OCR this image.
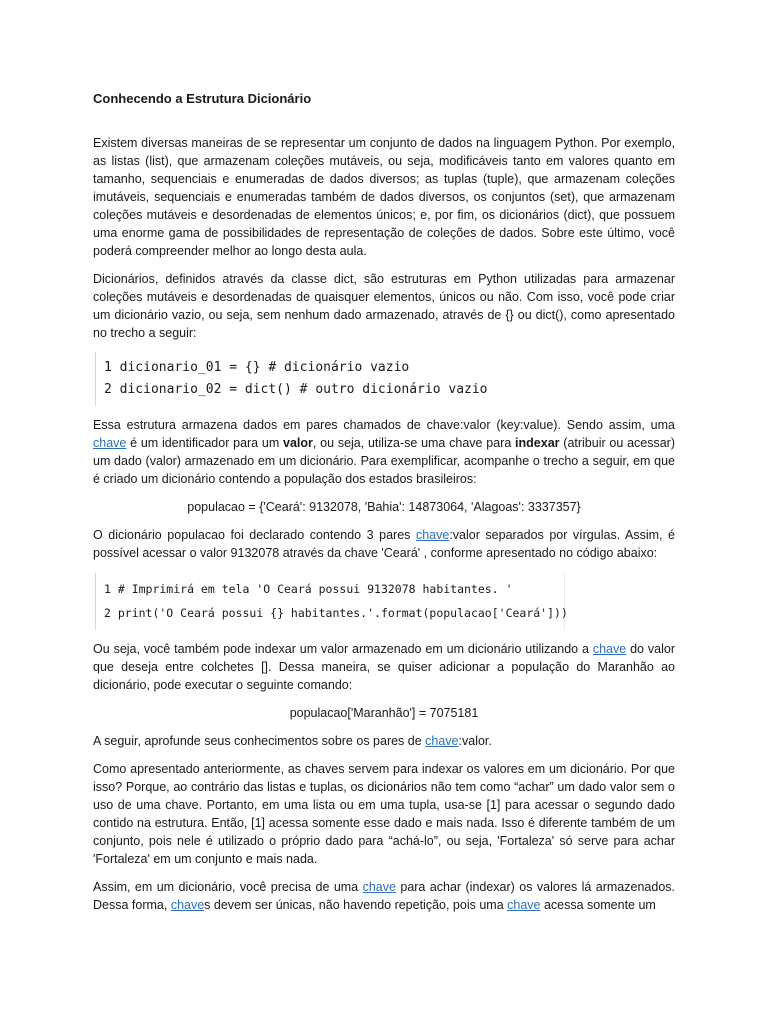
Conhecendo a Estrutura Dicionário

Existem diversas maneiras de se representar um conjunto de dados na linguagem Python. Por exemplo, as listas (list), que armazenam coleções mutáveis, ou seja, modificáveis tanto em valores quanto em tamanho, sequenciais e enumeradas de dados diversos; as tuplas (tuple), que armazenam coleções imutáveis, sequenciais e enumeradas também de dados diversos, os conjuntos (set), que armazenam coleções mutáveis e desordenadas de elementos únicos; e, por fim, os dicionários (dict), que possuem uma enorme gama de possibilidades de representação de coleções de dados. Sobre este último, você poderá compreender melhor ao longo desta aula.

Dicionários, definidos através da classe dict, são estruturas em Python utilizadas para armazenar coleções mutáveis e desordenadas de quaisquer elementos, únicos ou não. Com isso, você pode criar um dicionário vazio, ou seja, sem nenhum dado armazenado, através de {} ou dict(), como apresentado no trecho a seguir:

1 dicionario_01 = {} # dicionário vazio
2 dicionario_02 = dict() # outro dicionário vazio

Essa estrutura armazena dados em pares chamados de chave:valor (key:value). Sendo assim, uma chave é um identificador para um valor, ou seja, utiliza-se uma chave para indexar (atribuir ou acessar) um dado (valor) armazenado em um dicionário. Para exemplificar, acompanhe o trecho a seguir, em que é criado um dicionário contendo a população dos estados brasileiros:

populacao = {'Ceará': 9132078, 'Bahia': 14873064, 'Alagoas': 3337357}

O dicionário populacao foi declarado contendo 3 pares chave:valor separados por vírgulas. Assim, é possível acessar o valor 9132078 através da chave 'Ceará' , conforme apresentado no código abaixo:

1 # Imprimirá em tela 'O Ceará possui 9132078 habitantes. '
2 print('O Ceará possui {} habitantes.'.format(populacao['Ceará']))

Ou seja, você também pode indexar um valor armazenado em um dicionário utilizando a chave do valor que deseja entre colchetes []. Dessa maneira, se quiser adicionar a população do Maranhão ao dicionário, pode executar o seguinte comando:

populacao['Maranhão'] = 7075181

A seguir, aprofunde seus conhecimentos sobre os pares de chave:valor.

Como apresentado anteriormente, as chaves servem para indexar os valores em um dicionário. Por que isso? Porque, ao contrário das listas e tuplas, os dicionários não tem como “achar” um dado valor sem o uso de uma chave. Portanto, em uma lista ou em uma tupla, usa-se [1] para acessar o segundo dado contido na estrutura. Então, [1] acessa somente esse dado e mais nada. Isso é diferente também de um conjunto, pois nele é utilizado o próprio dado para “achá-lo”, ou seja, 'Fortaleza' só serve para achar 'Fortaleza' em um conjunto e mais nada.

Assim, em um dicionário, você precisa de uma chave para achar (indexar) os valores lá armazenados. Dessa forma, chaves devem ser únicas, não havendo repetição, pois uma chave acessa somente um
